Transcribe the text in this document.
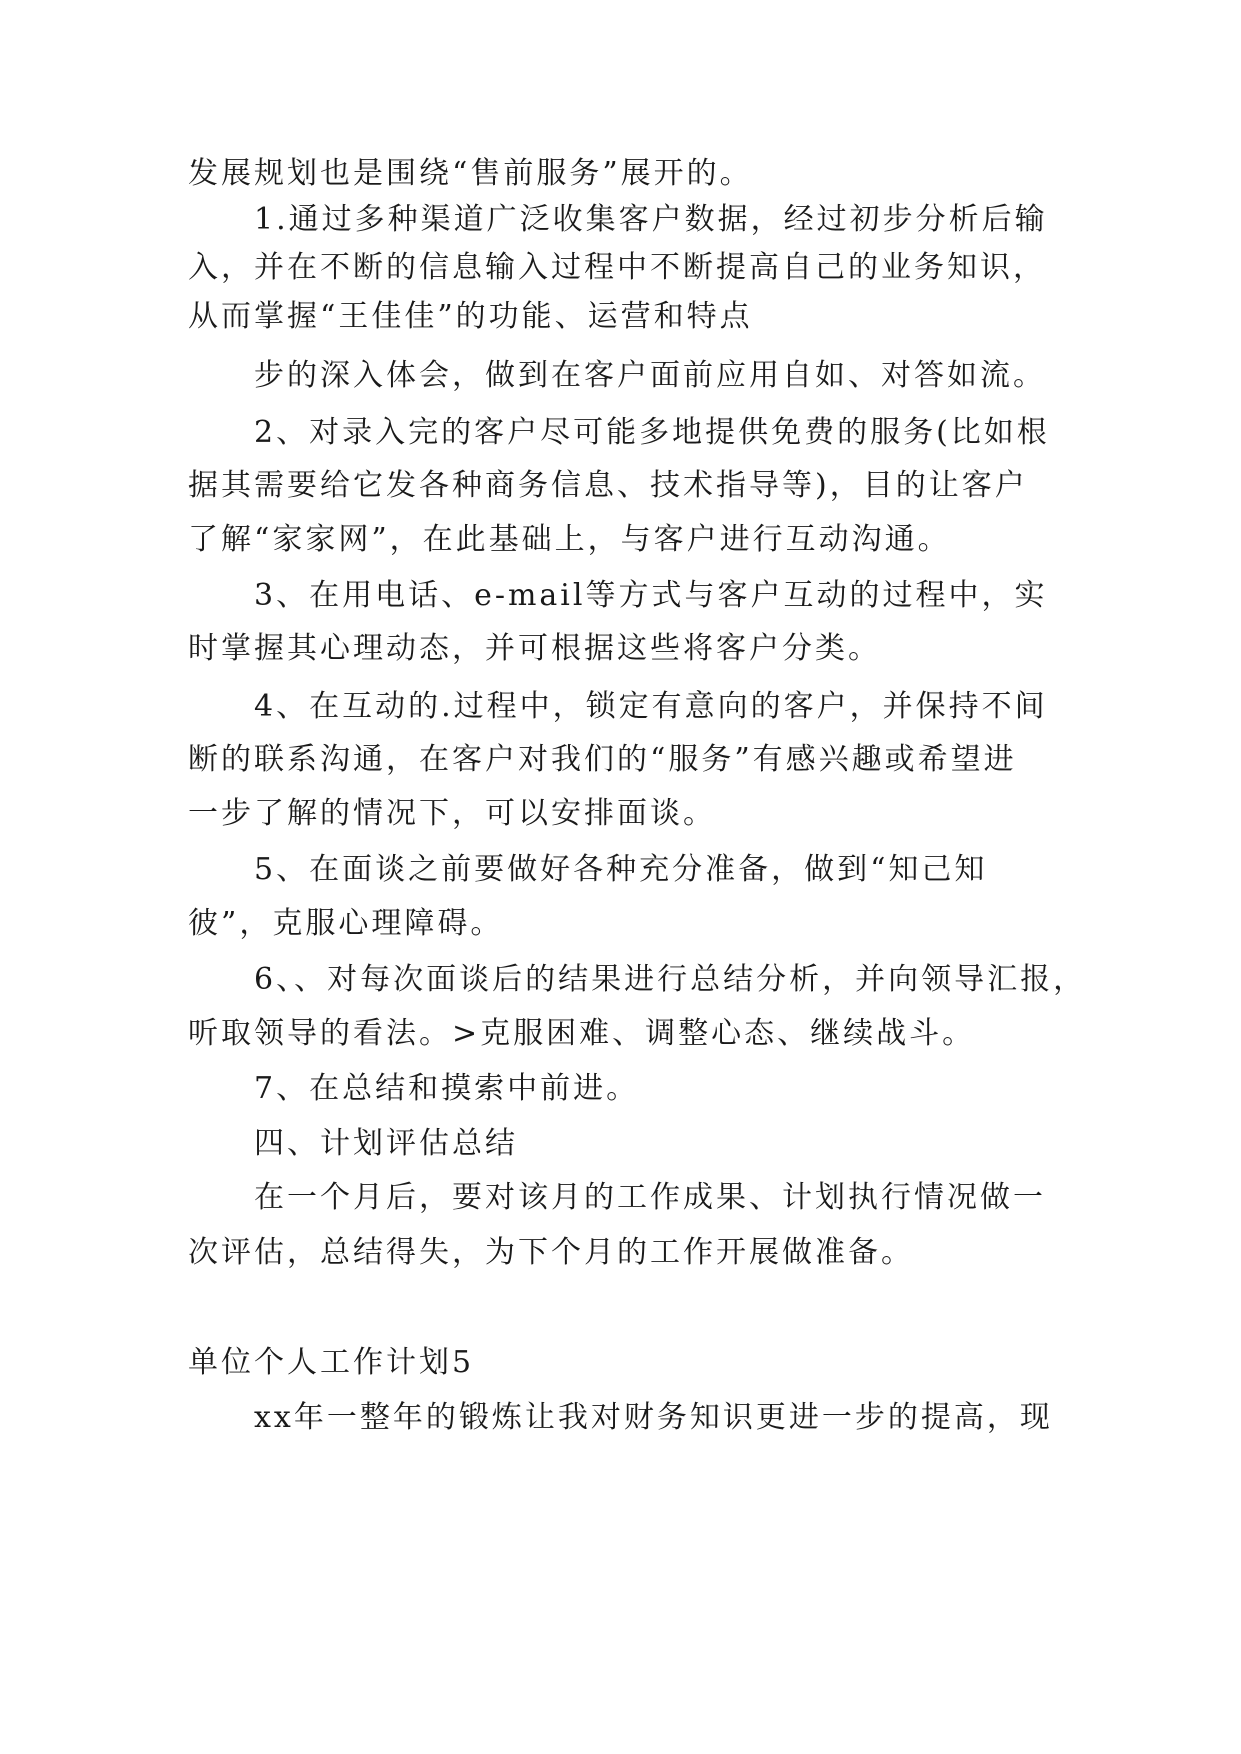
发展规划也是围绕“售前服务”展开的。
1.通过多种渠道广泛收集客户数据，经过初步分析后输
入，并在不断的信息输入过程中不断提高自己的业务知识，
从而掌握“王佳佳”的功能、运营和特点
步的深入体会，做到在客户面前应用自如、对答如流。
2、对录入完的客户尽可能多地提供免费的服务(比如根
据其需要给它发各种商务信息、技术指导等)，目的让客户
了解“家家网”，在此基础上，与客户进行互动沟通。
3、在用电话、e-mail等方式与客户互动的过程中，实
时掌握其心理动态，并可根据这些将客户分类。
4、在互动的.过程中，锁定有意向的客户，并保持不间
断的联系沟通，在客户对我们的“服务”有感兴趣或希望进
一步了解的情况下，可以安排面谈。
5、在面谈之前要做好各种充分准备，做到“知己知
彼”，克服心理障碍。
6、、对每次面谈后的结果进行总结分析，并向领导汇报，
听取领导的看法。>克服困难、调整心态、继续战斗。
7、在总结和摸索中前进。
四、计划评估总结
在一个月后，要对该月的工作成果、计划执行情况做一
次评估，总结得失，为下个月的工作开展做准备。
单位个人工作计划5
xx年一整年的锻炼让我对财务知识更进一步的提高，现
